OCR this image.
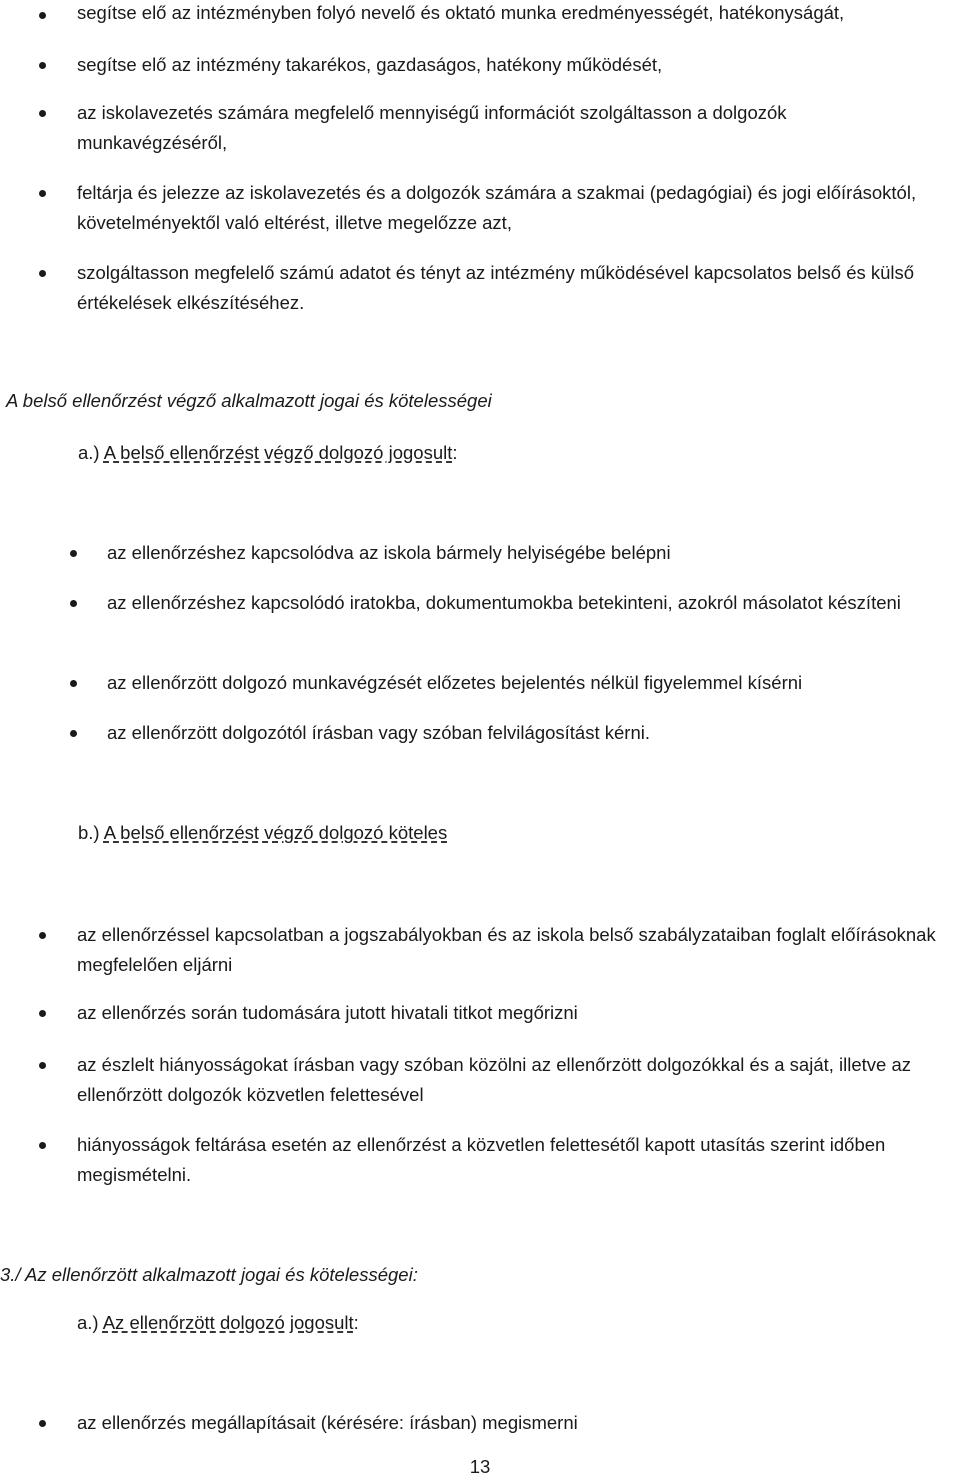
segítse elő az intézményben folyó nevelő és oktató munka eredményességét, hatékonyságát,
segítse elő az intézmény takarékos, gazdaságos, hatékony működését,
az iskolavezetés számára megfelelő mennyiségű információt szolgáltasson a dolgozók munkavégzéséről,
feltárja és jelezze az iskolavezetés és a dolgozók számára a szakmai (pedagógiai) és jogi előírásoktól, követelményektől való eltérést, illetve megelőzze azt,
szolgáltasson megfelelő számú adatot és tényt az intézmény működésével kapcsolatos belső és külső értékelések elkészítéséhez.
A belső ellenőrzést végző alkalmazott jogai és kötelességei
a.) A belső ellenőrzést végző dolgozó jogosult:
az ellenőrzéshez kapcsolódva az iskola bármely helyiségébe belépni
az ellenőrzéshez kapcsolódó iratokba, dokumentumokba betekinteni, azokról másolatot készíteni
az ellenőrzött dolgozó munkavégzését előzetes bejelentés nélkül figyelemmel kísérni
az ellenőrzött dolgozótól írásban vagy szóban felvilágosítást kérni.
b.) A belső ellenőrzést végző dolgozó köteles
az ellenőrzéssel kapcsolatban a jogszabályokban és az iskola belső szabályzataiban foglalt előírásoknak megfelelően eljárni
az ellenőrzés során tudomására jutott hivatali titkot megőrizni
az észlelt hiányosságokat írásban vagy szóban közölni az ellenőrzött dolgozókkal és a saját, illetve az ellenőrzött dolgozók közvetlen felettesével
hiányosságok feltárása esetén az ellenőrzést a közvetlen felettesétől kapott utasítás szerint időben megismételni.
3./ Az ellenőrzött alkalmazott jogai és kötelességei:
a.) Az ellenőrzött dolgozó jogosult:
az ellenőrzés megállapításait (kérésére: írásban) megismerni
13
